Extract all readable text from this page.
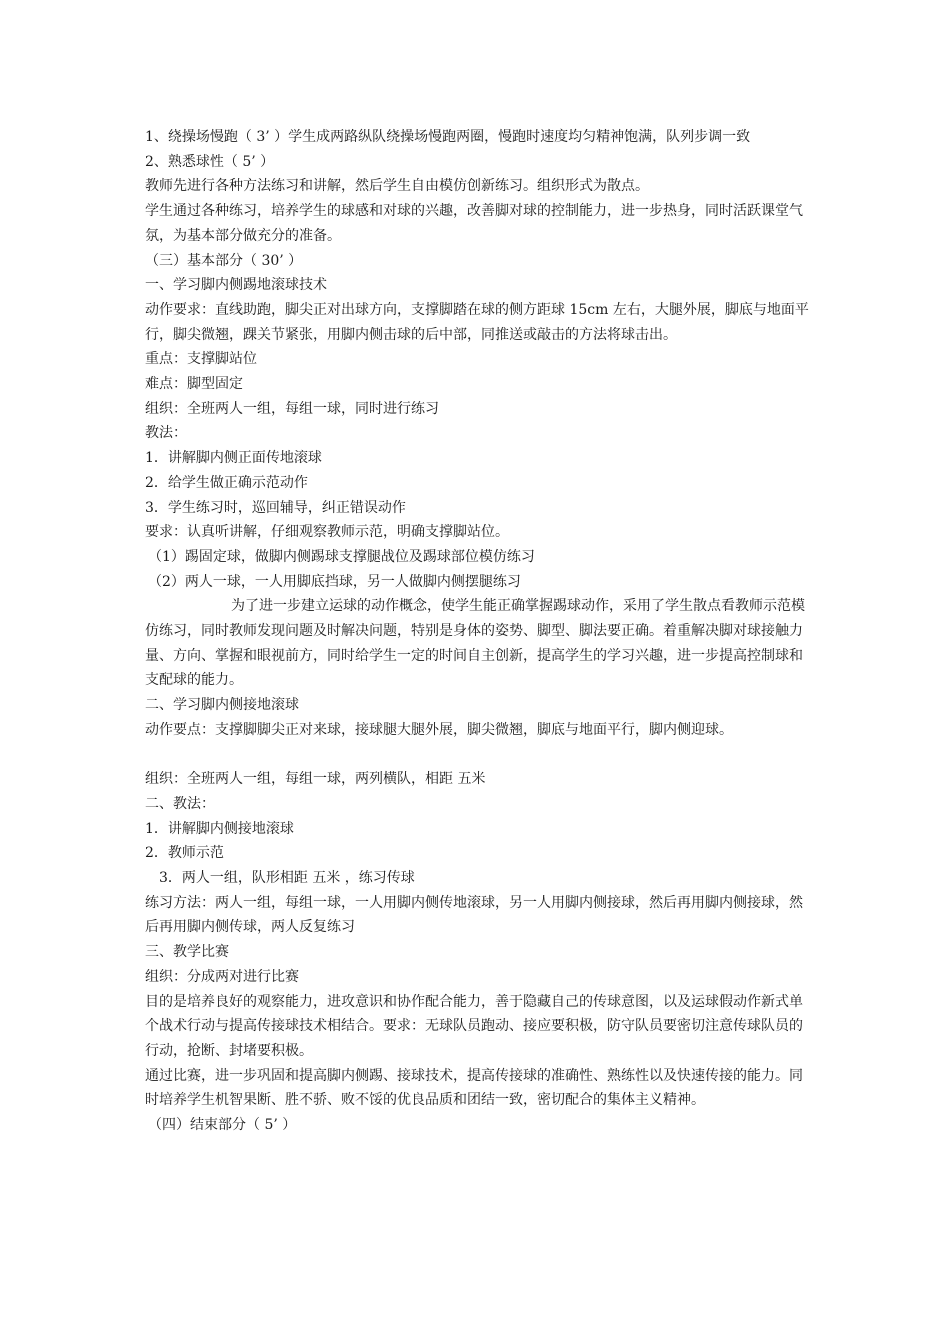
1、绕操场慢跑（ 3’ ）学生成两路纵队绕操场慢跑两圈，慢跑时速度均匀精神饱满，队列步调一致

2、熟悉球性（ 5’ ）

教师先进行各种方法练习和讲解，然后学生自由模仿创新练习。组织形式为散点。

学生通过各种练习，培养学生的球感和对球的兴趣，改善脚对球的控制能力，进一步热身，同时活跃课堂气氛，为基本部分做充分的准备。

（三）基本部分（ 30’ ）

一、学习脚内侧踢地滚球技术

动作要求：直线助跑，脚尖正对出球方向，支撑脚踏在球的侧方距球 15cm 左右，大腿外展，脚底与地面平行，脚尖微翘，踝关节紧张，用脚内侧击球的后中部，同推送或敲击的方法将球击出。

重点：支撑脚站位

难点：脚型固定

组织：全班两人一组，每组一球，同时进行练习

教法：

1．讲解脚内侧正面传地滚球

2．给学生做正确示范动作

3．学生练习时，巡回辅导，纠正错误动作

要求：认真听讲解，仔细观察教师示范，明确支撑脚站位。

（1）踢固定球，做脚内侧踢球支撑腿战位及踢球部位模仿练习

（2）两人一球，一人用脚底挡球，另一人做脚内侧摆腿练习

为了进一步建立运球的动作概念，使学生能正确掌握踢球动作，采用了学生散点看教师示范模仿练习，同时教师发现问题及时解决问题，特别是身体的姿势、脚型、脚法要正确。着重解决脚对球接触力量、方向、掌握和眼视前方，同时给学生一定的时间自主创新，提高学生的学习兴趣，进一步提高控制球和支配球的能力。

二、学习脚内侧接地滚球

动作要点：支撑脚脚尖正对来球，接球腿大腿外展，脚尖微翘，脚底与地面平行，脚内侧迎球。

组织：全班两人一组，每组一球，两列横队，相距 五米

二、教法：

1．讲解脚内侧接地滚球

2．教师示范

3．两人一组，队形相距 五米 ，练习传球

练习方法：两人一组，每组一球，一人用脚内侧传地滚球，另一人用脚内侧接球，然后再用脚内侧接球，然后再用脚内侧传球，两人反复练习

三、教学比赛

组织：分成两对进行比赛

目的是培养良好的观察能力，进攻意识和协作配合能力，善于隐藏自己的传球意图，以及运球假动作新式单个战术行动与提高传接球技术相结合。要求：无球队员跑动、接应要积极，防守队员要密切注意传球队员的行动，抢断、封堵要积极。

通过比赛，进一步巩固和提高脚内侧踢、接球技术，提高传接球的准确性、熟练性以及快速传接的能力。同时培养学生机智果断、胜不骄、败不馁的优良品质和团结一致，密切配合的集体主义精神。

（四）结束部分（ 5’ ）
